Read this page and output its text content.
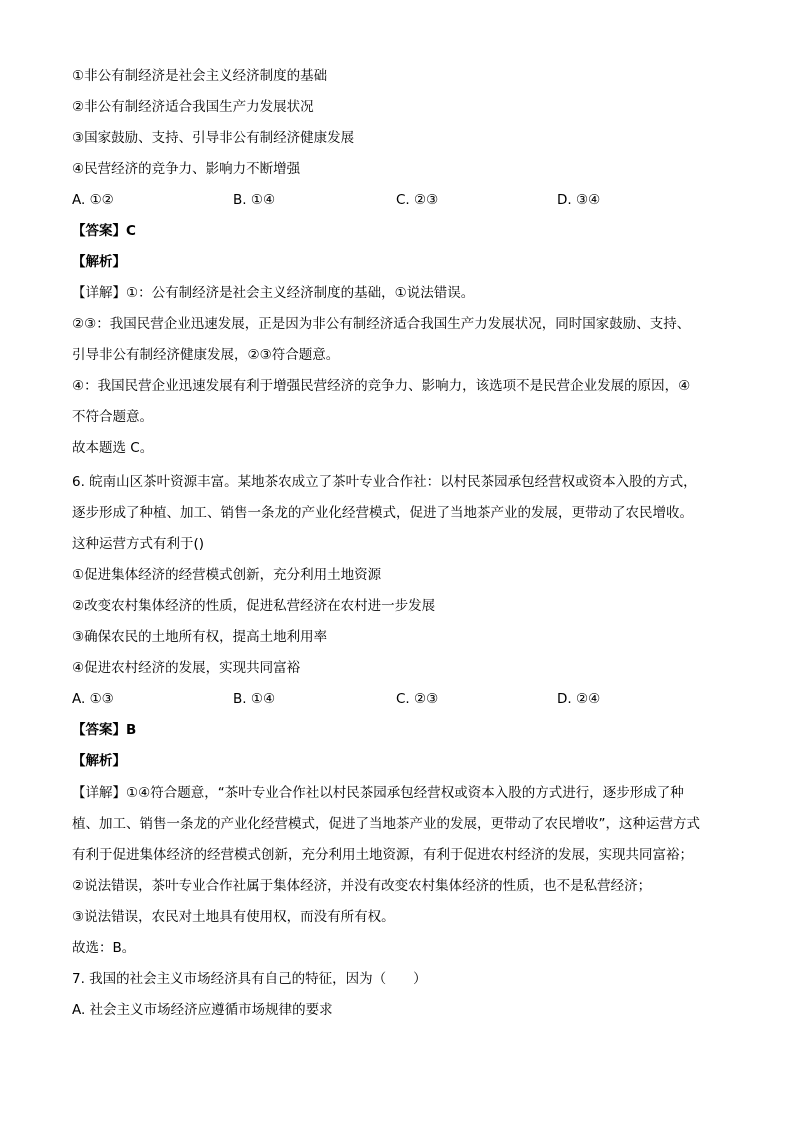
①非公有制经济是社会主义经济制度的基础
②非公有制经济适合我国生产力发展状况
③国家鼓励、支持、引导非公有制经济健康发展
④民营经济的竞争力、影响力不断增强
A. ①②	B. ①④	C. ②③	D. ③④
【答案】C
【解析】
【详解】①：公有制经济是社会主义经济制度的基础，①说法错误。
②③：我国民营企业迅速发展，正是因为非公有制经济适合我国生产力发展状况，同时国家鼓励、支持、
引导非公有制经济健康发展，②③符合题意。
④：我国民营企业迅速发展有利于增强民营经济的竞争力、影响力，该选项不是民营企业发展的原因，④
不符合题意。
故本题选 C。
6. 皖南山区茶叶资源丰富。某地茶农成立了茶叶专业合作社：以村民茶园承包经营权或资本入股的方式，
逐步形成了种植、加工、销售一条龙的产业化经营模式，促进了当地茶产业的发展，更带动了农民增收。
这种运营方式有利于()
①促进集体经济的经营模式创新，充分利用土地资源
②改变农村集体经济的性质，促进私营经济在农村进一步发展
③确保农民的土地所有权，提高土地利用率
④促进农村经济的发展，实现共同富裕
A. ①③	B. ①④	C. ②③	D. ②④
【答案】B
【解析】
【详解】①④符合题意，“茶叶专业合作社以村民茶园承包经营权或资本入股的方式进行，逐步形成了种
植、加工、销售一条龙的产业化经营模式，促进了当地茶产业的发展，更带动了农民增收”，这种运营方式
有利于促进集体经济的经营模式创新，充分利用土地资源，有利于促进农村经济的发展，实现共同富裕；
②说法错误，茶叶专业合作社属于集体经济，并没有改变农村集体经济的性质，也不是私营经济；
③说法错误，农民对土地具有使用权，而没有所有权。
故选：B。
7. 我国的社会主义市场经济具有自己的特征，因为（　　）
A. 社会主义市场经济应遵循市场规律的要求
